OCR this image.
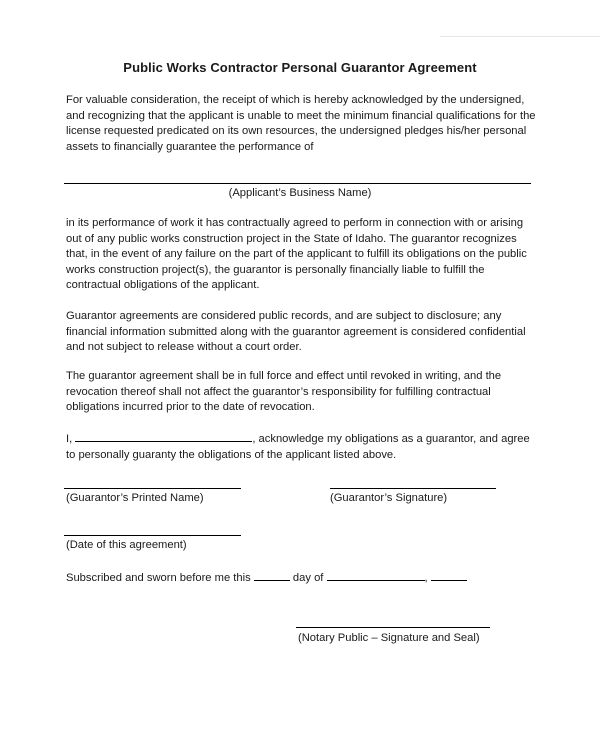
Public Works Contractor Personal Guarantor Agreement
For valuable consideration, the receipt of which is hereby acknowledged by the undersigned, and recognizing that the applicant is unable to meet the minimum financial qualifications for the license requested predicated on its own resources, the undersigned pledges his/her personal assets to financially guarantee the performance of
(Applicant’s Business Name)
in its performance of work it has contractually agreed to perform in connection with or arising out of any public works construction project in the State of Idaho. The guarantor recognizes that, in the event of any failure on the part of the applicant to fulfill its obligations on the public works construction project(s), the guarantor is personally financially liable to fulfill the contractual obligations of the applicant.
Guarantor agreements are considered public records, and are subject to disclosure; any financial information submitted along with the guarantor agreement is considered confidential and not subject to release without a court order.
The guarantor agreement shall be in full force and effect until revoked in writing, and the revocation thereof shall not affect the guarantor’s responsibility for fulfilling contractual obligations incurred prior to the date of revocation.
I,	, acknowledge my obligations as a guarantor, and agree to personally guaranty the obligations of the applicant listed above.
(Guarantor’s Printed Name)	(Guarantor’s Signature)
(Date of this agreement)
Subscribed and sworn before me this	day of	,
(Notary Public – Signature and Seal)
